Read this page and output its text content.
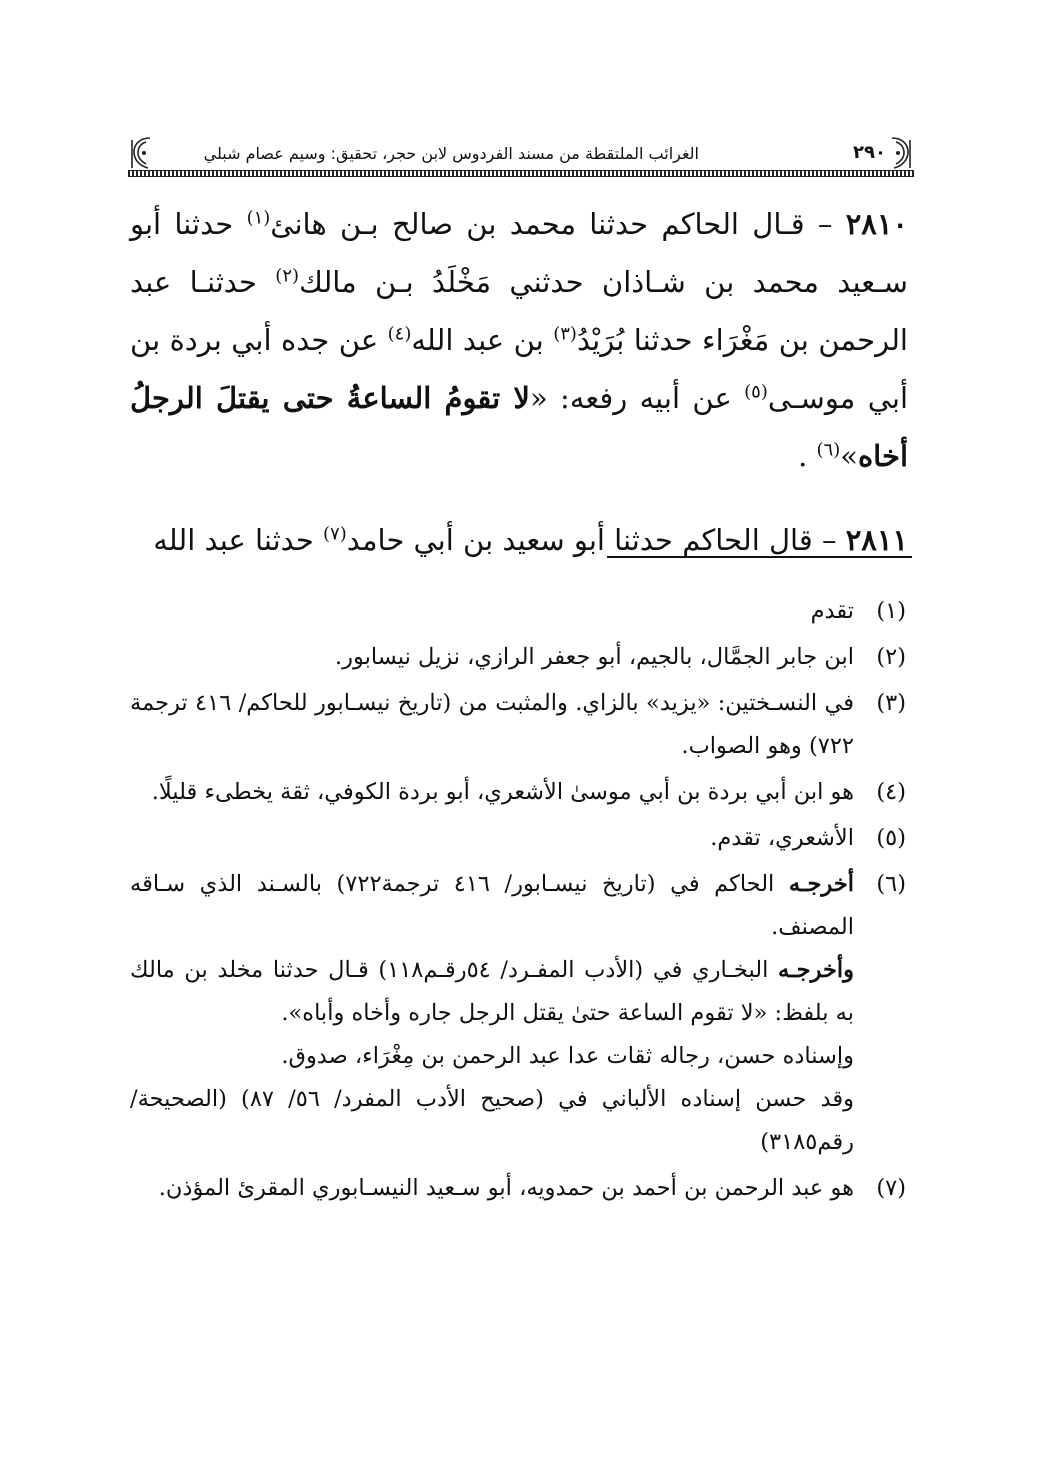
٢٩٠
الغرائب الملتقطة من مسند الفردوس لابن حجر، تحقيق: وسيم عصام شبلي

٢٨١٠ – قـال الحاكم حدثنا محمد بن صالح بـن هانئ$^{(١)}$ حدثنا أبو سـعيد محمد بن شـاذان حدثني مَخْلَدُ بـن مالك$^{(٢)}$ حدثنـا عبد الرحمن بن مَغْرَاء حدثنا بُرَيْدُ$^{(٣)}$ بن عبد الله$^{(٤)}$ عن جده أبي بردة بن أبي موسـى$^{(٥)}$ عن أبيه رفعه: «لا تقومُ الساعةُ حتى يقتلَ الرجلُ أخاه»$^{(٦)}$ .

٢٨١١ – قال الحاكم حدثنا أبو سعيد بن أبي حامد$^{(٧)}$ حدثنا عبد الله

(١)
تقدم
(٢)
ابن جابر الجمَّال، بالجيم، أبو جعفر الرازي، نزيل نيسابور.
(٣)
في النسـختين: «يزيد» بالزاي. والمثبت من (تاريخ نيسـابور للحاكم/ ٤١٦ ترجمة ٧٢٢) وهو الصواب.
(٤)
هو ابن أبي بردة بن أبي موسىٰ الأشعري، أبو بردة الكوفي، ثقة يخطىء قليلًا.
(٥)
الأشعري، تقدم.
(٦)

أخرجـه الحاكم في (تاريخ نيسـابور/ ٤١٦ ترجمة٧٢٢) بالسـند الذي سـاقه المصنف.

وأخرجـه البخـاري في (الأدب المفـرد/ ٥٤رقـم١١٨) قـال حدثنا مخلد بن مالك به بلفظ: «لا تقوم الساعة حتىٰ يقتل الرجل جاره وأخاه وأباه».

وإسناده حسن، رجاله ثقات عدا عبد الرحمن بن مِغْرَاء، صدوق.

وقد حسن إسناده الألباني في (صحيح الأدب المفرد/ ٥٦/ ٨٧) (الصحيحة/ رقم٣١٨٥)

(٧)
هو عبد الرحمن بن أحمد بن حمدويه، أبو سـعيد النيسـابوري المقرئ المؤذن.
